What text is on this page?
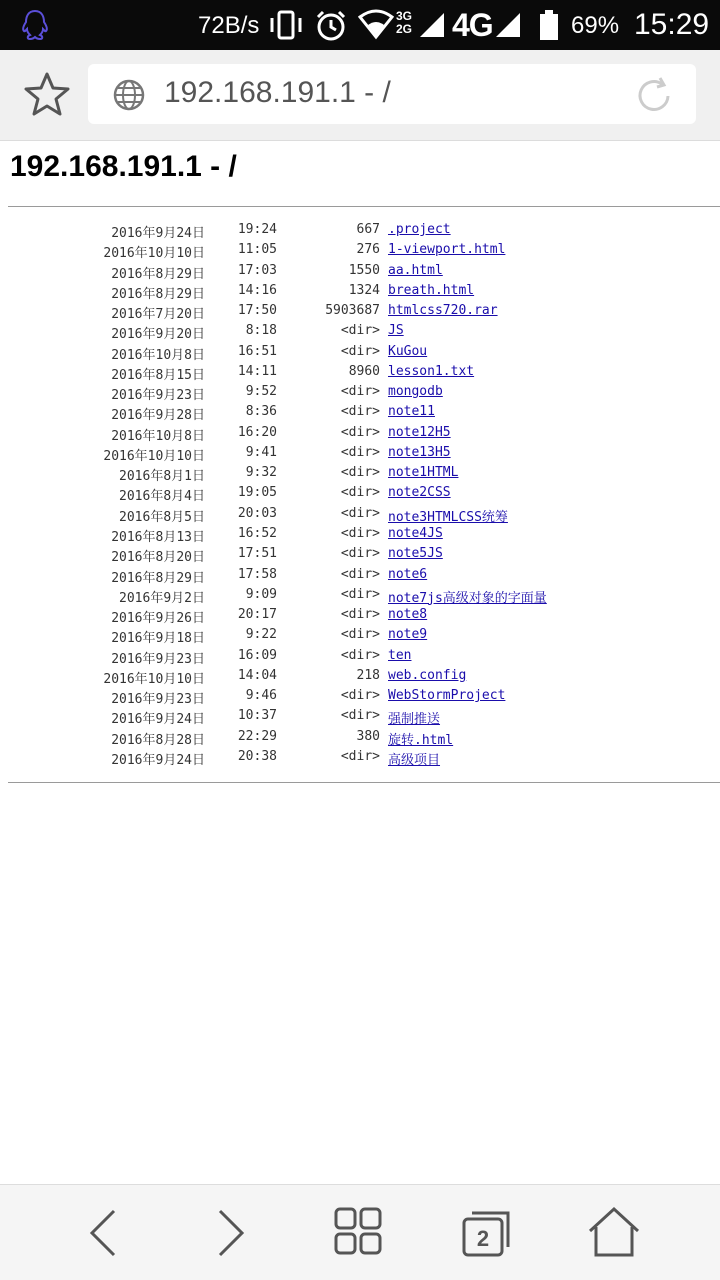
72B/s	3G
2G 4G	69% 15:29
192.168.191.1 - /
192.168.191.1 - /
2016年9月24日	19:24	667 .project
2016年10月10日	11:05	276 1-viewport.html
2016年8月29日	17:03	1550 aa.html
2016年8月29日	14:16	1324 breath.html
2016年7月20日	17:50	5903687 htmlcss720.rar
2016年9月20日	8:18	<dir> JS
2016年10月8日	16:51	<dir> KuGou
2016年8月15日	14:11	8960 lesson1.txt
2016年9月23日	9:52	<dir> mongodb
2016年9月28日	8:36	<dir> note11
2016年10月8日	16:20	<dir> note12H5
2016年10月10日	9:41	<dir> note13H5
2016年8月1日	9:32	<dir> note1HTML
2016年8月4日	19:05	<dir> note2CSS
2016年8月5日	20:03	<dir> note3HTMLCSS统筹
2016年8月13日	16:52	<dir> note4JS
2016年8月20日	17:51	<dir> note5JS
2016年8月29日	17:58	<dir> note6
2016年9月2日	9:09	<dir> note7js高级对象的字面量
2016年9月26日	20:17	<dir> note8
2016年9月18日	9:22	<dir> note9
2016年9月23日	16:09	<dir> ten
2016年10月10日	14:04	218 web.config
2016年9月23日	9:46	<dir> WebStormProject
2016年9月24日	10:37	<dir> 强制推送
2016年8月28日	22:29	380 旋转.html
2016年9月24日	20:38	<dir> 高级项目
2
